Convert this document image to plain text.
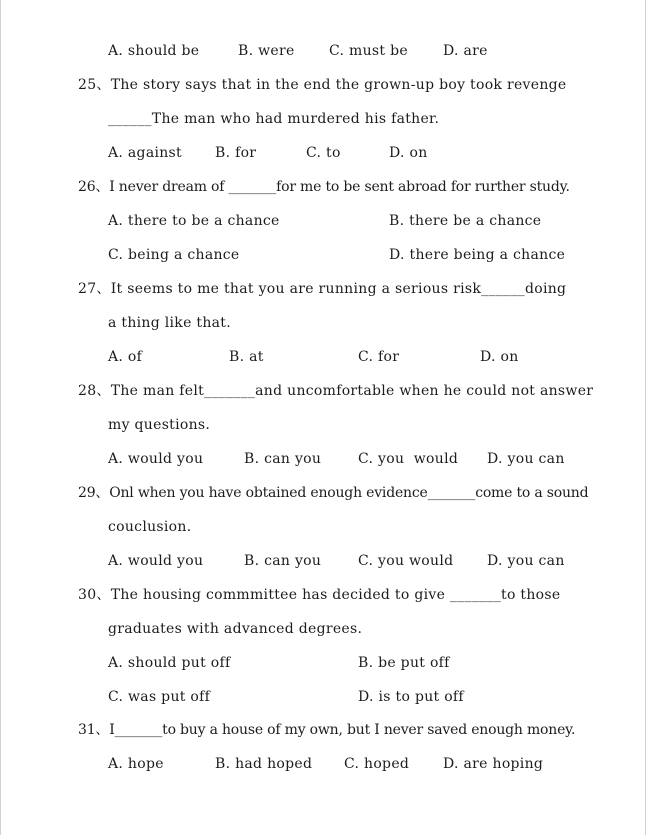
A. should be	B. were C. must be	D. are
25、The story says that in the end the grown-up boy took revenge
______The man who had murdered his father.
A. against B. for	C. to	D. on
26、I never dream of _______for me to be sent abroad for rurther study.
A. there to be a chance	B. there be a chance
C. being a chance	D. there being a chance
27、It seems to me that you are running a serious risk______doing
a thing like that.
A. of	B. at	C. for	D. on
28、The man felt_______and uncomfortable when he could not answer
my questions.
A. would you	B. can you	C. you  would D. you can
29、Onl when you have obtained enough evidence_______come to a sound
couclusion.
A. would you	B. can you	C. you would D. you can
30、The housing commmittee has decided to give _______to those
graduates with advanced degrees.
A. should put off	B. be put off
C. was put off	D. is to put off
31、I_______to buy a house of my own, but I never saved enough money.
A. hope	B. had hoped C. hoped D. are hoping
